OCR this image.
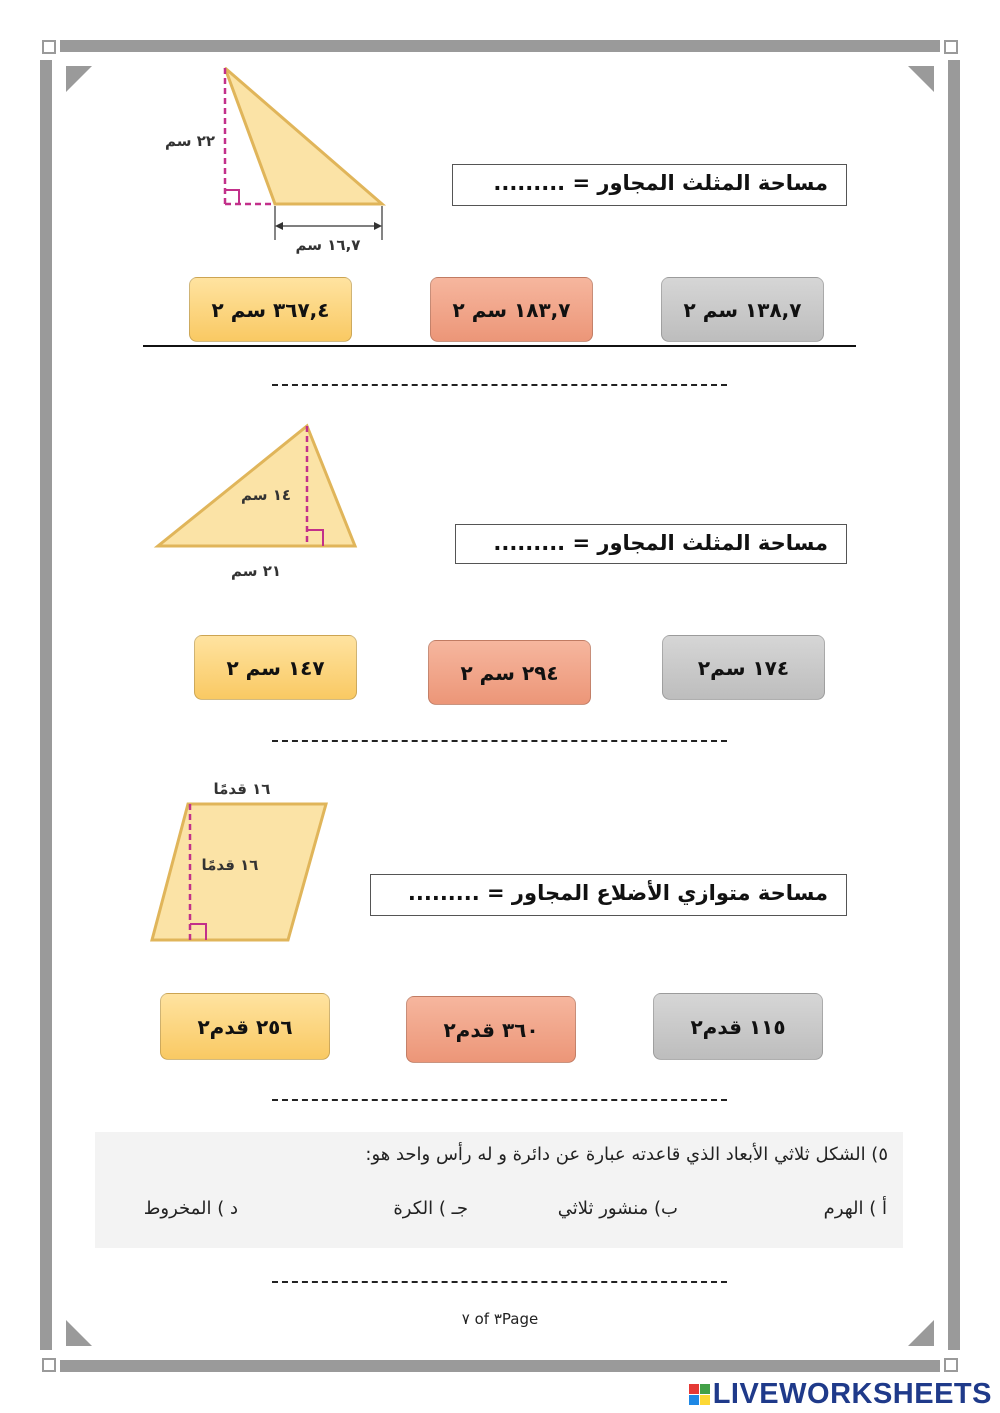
٢٢ سم
١٦,٧ سم
مساحة المثلث المجاور = .........
١٣٨,٧ سم ٢
١٨٣,٧ سم ٢
٣٦٧,٤ سم ٢
١٤ سم
٢١ سم
مساحة المثلث المجاور = .........
١٧٤ سم٢
٢٩٤ سم ٢
١٤٧ سم ٢
١٦ قدمًا
١٦ قدمًا
مساحة متوازي الأضلاع المجاور = .........
١١٥ قدم٢
٣٦٠ قدم٢
٢٥٦ قدم٢
٥) الشكل ثلاثي الأبعاد الذي قاعدته عبارة عن دائرة و له رأس واحد هو:
أ ) الهرم
ب) منشور ثلاثي
جـ ) الكرة
د ) المخروط
٧ of ٣Page
LIVEWORKSHEETS
